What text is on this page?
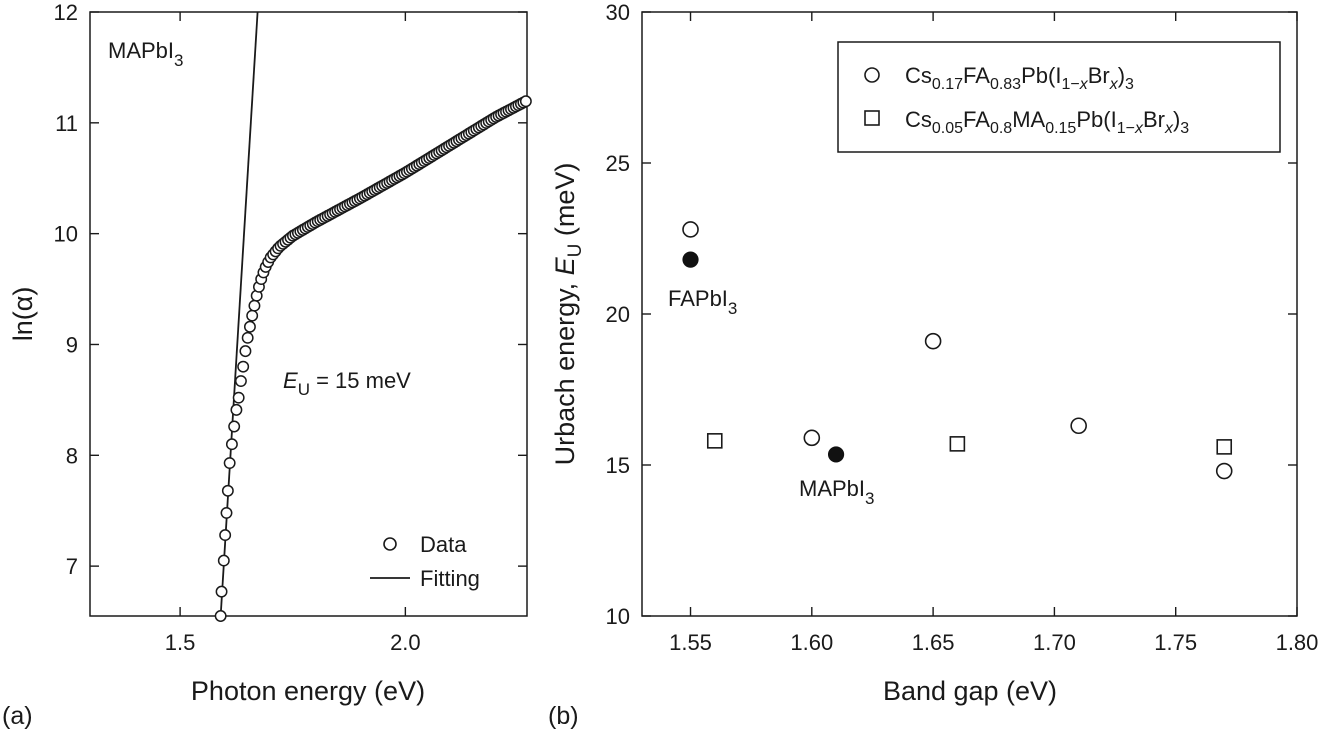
1.5	2.0
7
8
9
10
11
12
MAPbI$_3$
$E_U = 15$ meV
Data
Fitting
Photon energy (eV)
ln(α)
(a)
1.55	1.60	1.65	1.70	1.75	1.80
10
15
20
25
30
FAPbI$_3$
MAPbI$_3$
$Cs_{0.17}FA_{0.83}Pb(I_{1-}xBr_x)_3$
$Cs_{0.05}FA_{0.8}MA_{0.15}Pb(I_{1-}xBr_x)_3$
Band gap (eV)
Urbach energy, $E_U$ (meV)
(b)
